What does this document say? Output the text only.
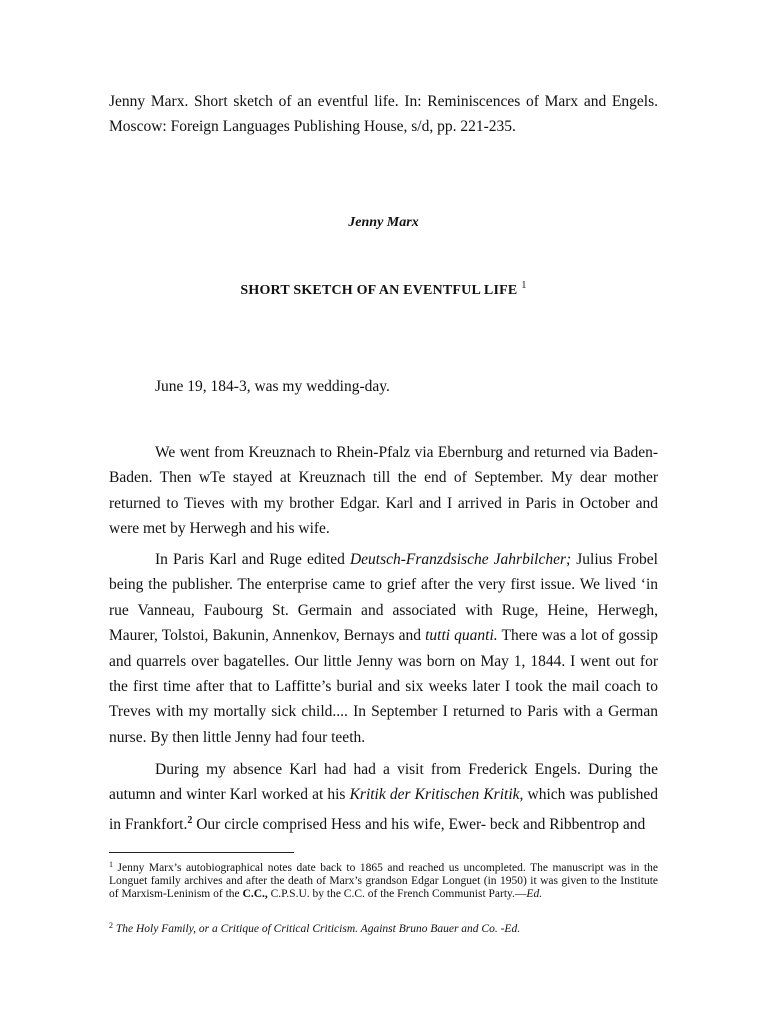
Jenny Marx. Short sketch of an eventful life. In: Reminiscences of Marx and Engels. Moscow: Foreign Languages Publishing House, s/d, pp. 221-235.
Jenny Marx
SHORT SKETCH OF AN EVENTFUL LIFE $^1$

June 19, 184-3, was my wedding-day.

We went from Kreuznach to Rhein-Pfalz via Ebernburg and returned via Baden-Baden. Then wTe stayed at Kreuznach till the end of September. My dear mother returned to Tieves with my brother Edgar. Karl and I arrived in Paris in October and were met by Herwegh and his wife.

In Paris Karl and Ruge edited Deutsch-Franzdsische Jahrbilcher; Julius Frobel being the publisher. The enterprise came to grief after the very first issue. We lived ‘in rue Vanneau, Faubourg St. Germain and associated with Ruge, Heine, Herwegh, Maurer, Tolstoi, Bakunin, Annenkov, Bernays and tutti quanti. There was a lot of gossip and quarrels over bagatelles. Our little Jenny was born on May 1, 1844. I went out for the first time after that to Laffitte’s burial and six weeks later I took the mail coach to Treves with my mortally sick child.... In September I returned to Paris with a German nurse. By then little Jenny had four teeth.

During my absence Karl had had a visit from Frederick Engels. During the autumn and winter Karl worked at his Kritik der Kritischen Kritik, which was published in Frankfort.$^2$ Our circle comprised Hess and his wife, Ewer- beck and Ribbentrop and

$^1$ Jenny Marx’s autobiographical notes date back to 1865 and reached us uncompleted. The manuscript was in the Longuet family archives and after the death of Marx’s grandson Edgar Longuet (in 1950) it was given to the Institute of Marxism-Leninism of the C.C., C.P.S.U. by the C.C. of the French Communist Party.—Ed.

$^2$ The Holy Family, or a Critique of Critical Criticism. Against Bruno Bauer and Co. -Ed.
